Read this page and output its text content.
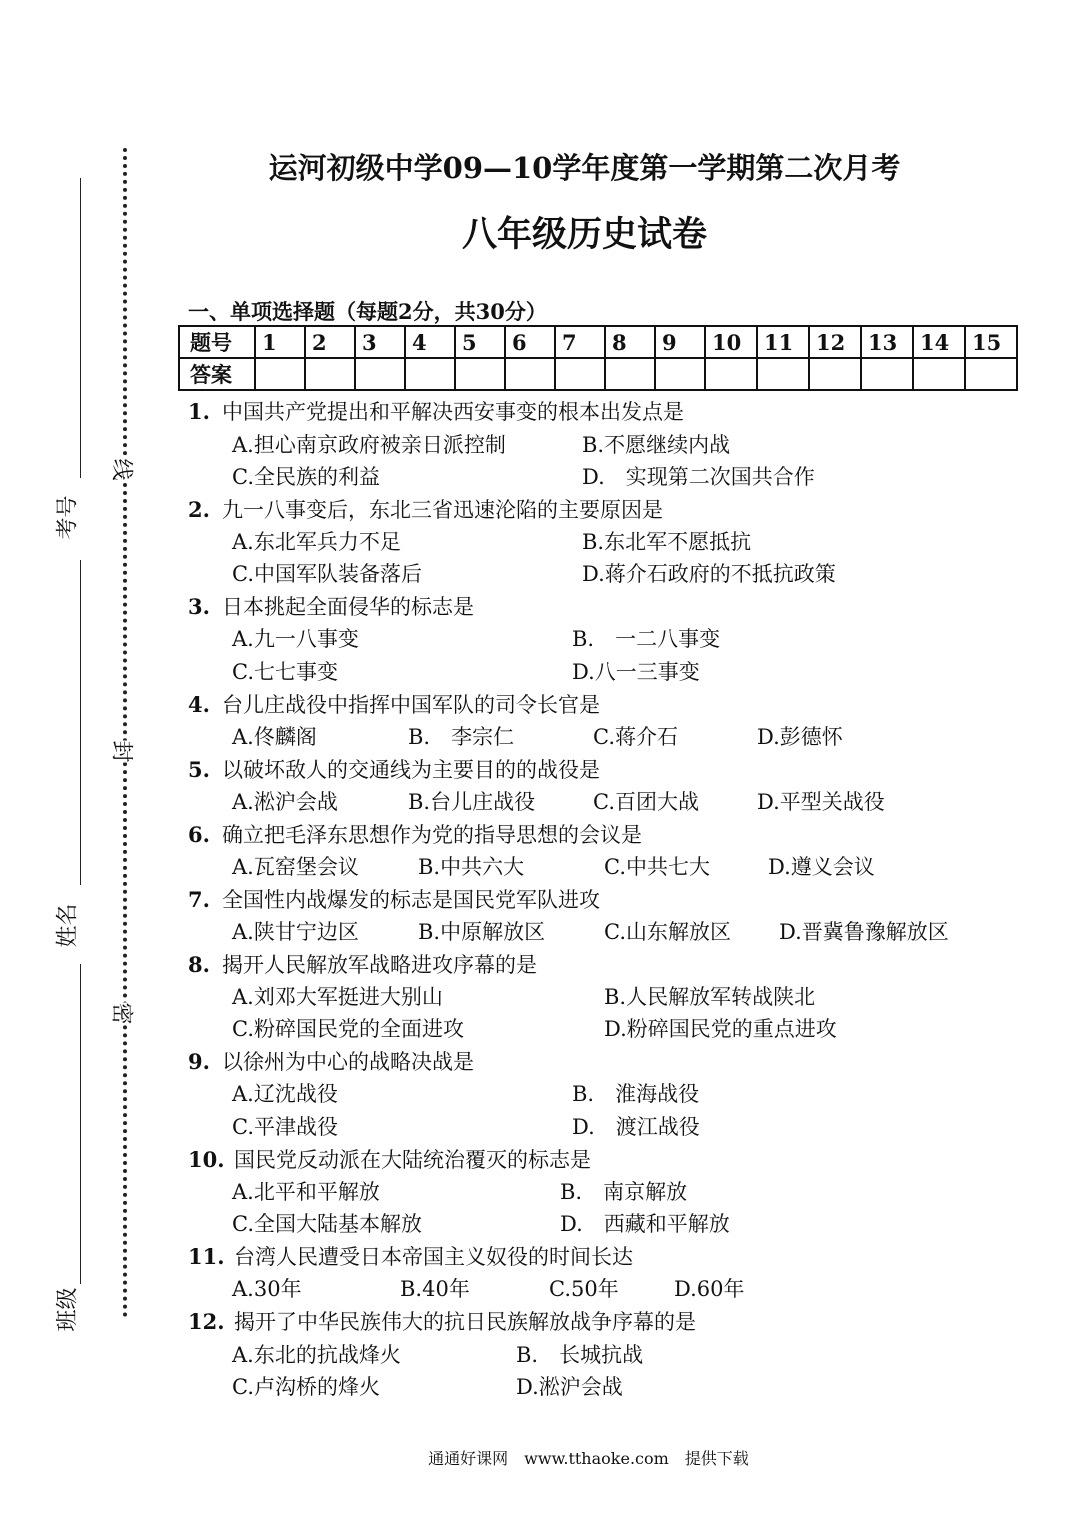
考号
姓名
班级
线
封
密
运河初级中学09—10学年度第一学期第二次月考
八年级历史试卷
一、单项选择题（每题2分，共30分）
题号	1	2	3	4	5	6	7	8	9	10	11	12	13	14	15
答案															
1. 中国共产党提出和平解决西安事变的根本出发点是
A.担心南京政府被亲日派控制	B.不愿继续内战
C.全民族的利益	D.　实现第二次国共合作
2. 九一八事变后，东北三省迅速沦陷的主要原因是
A.东北军兵力不足	B.东北军不愿抵抗
C.中国军队装备落后	D.蒋介石政府的不抵抗政策
3. 日本挑起全面侵华的标志是
A.九一八事变	B.　一二八事变
C.七七事变	D.八一三事变
4. 台儿庄战役中指挥中国军队的司令长官是
A.佟麟阁	B.　李宗仁	C.蒋介石	D.彭德怀
5. 以破坏敌人的交通线为主要目的的战役是
A.淞沪会战	B.台儿庄战役	C.百团大战	D.平型关战役
6. 确立把毛泽东思想作为党的指导思想的会议是
A.瓦窑堡会议	B.中共六大	C.中共七大	D.遵义会议
7. 全国性内战爆发的标志是国民党军队进攻
A.陕甘宁边区	B.中原解放区	C.山东解放区 D.晋冀鲁豫解放区
8. 揭开人民解放军战略进攻序幕的是
A.刘邓大军挺进大别山	B.人民解放军转战陕北
C.粉碎国民党的全面进攻	D.粉碎国民党的重点进攻
9. 以徐州为中心的战略决战是
A.辽沈战役	B.　淮海战役
C.平津战役	D.　渡江战役
10. 国民党反动派在大陆统治覆灭的标志是
A.北平和平解放	B.　南京解放
C.全国大陆基本解放	D.　西藏和平解放
11. 台湾人民遭受日本帝国主义奴役的时间长达
A.30年	B.40年	C.50年	D.60年
12. 揭开了中华民族伟大的抗日民族解放战争序幕的是
A.东北的抗战烽火	B.　长城抗战
C.卢沟桥的烽火	D.淞沪会战
通通好课网　www.tthaoke.com　提供下载
